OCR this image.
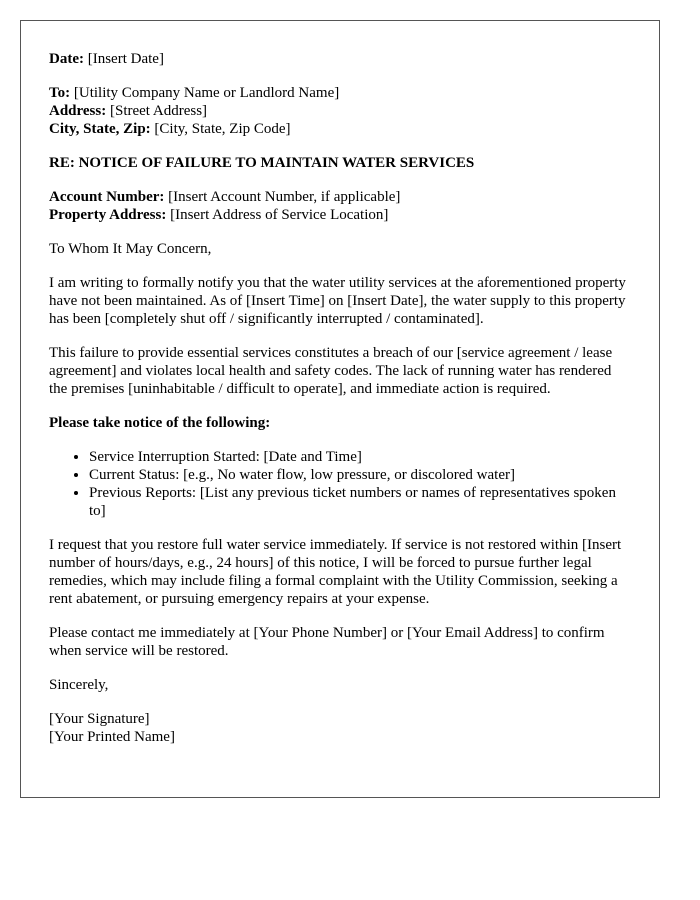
Date: [Insert Date]
To: [Utility Company Name or Landlord Name]
Address: [Street Address]
City, State, Zip: [City, State, Zip Code]
RE: NOTICE OF FAILURE TO MAINTAIN WATER SERVICES
Account Number: [Insert Account Number, if applicable]
Property Address: [Insert Address of Service Location]

To Whom It May Concern,

I am writing to formally notify you that the water utility services at the aforementioned property have not been maintained. As of [Insert Time] on [Insert Date], the water supply to this property has been [completely shut off / significantly interrupted / contaminated].

This failure to provide essential services constitutes a breach of our [service agreement / lease agreement] and violates local health and safety codes. The lack of running water has rendered the premises [uninhabitable / difficult to operate], and immediate action is required.

Please take notice of the following:

• Service Interruption Started: [Date and Time]
• Current Status: [e.g., No water flow, low pressure, or discolored water]
• Previous Reports: [List any previous ticket numbers or names of representatives spoken to]

I request that you restore full water service immediately. If service is not restored within [Insert number of hours/days, e.g., 24 hours] of this notice, I will be forced to pursue further legal remedies, which may include filing a formal complaint with the Utility Commission, seeking a rent abatement, or pursuing emergency repairs at your expense.

Please contact me immediately at [Your Phone Number] or [Your Email Address] to confirm when service will be restored.

Sincerely,

[Your Signature]
[Your Printed Name]
